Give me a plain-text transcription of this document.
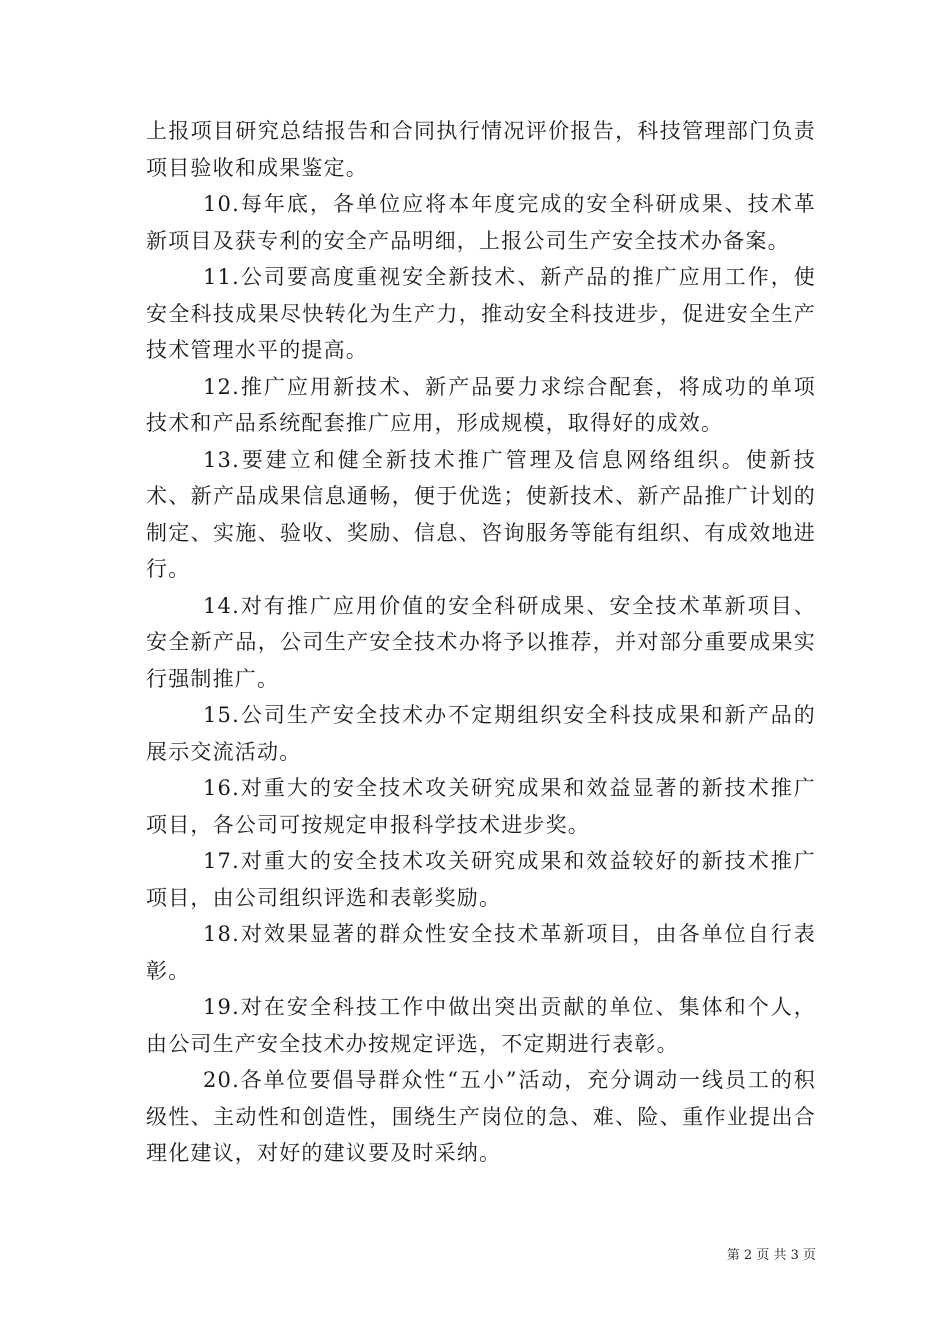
上报项目研究总结报告和合同执行情况评价报告，科技管理部门负责项目验收和成果鉴定。

10.每年底，各单位应将本年度完成的安全科研成果、技术革新项目及获专利的安全产品明细，上报公司生产安全技术办备案。

11.公司要高度重视安全新技术、新产品的推广应用工作，使安全科技成果尽快转化为生产力，推动安全科技进步，促进安全生产技术管理水平的提高。

12.推广应用新技术、新产品要力求综合配套，将成功的单项技术和产品系统配套推广应用，形成规模，取得好的成效。

13.要建立和健全新技术推广管理及信息网络组织。使新技术、新产品成果信息通畅，便于优选；使新技术、新产品推广计划的制定、实施、验收、奖励、信息、咨询服务等能有组织、有成效地进行。

14.对有推广应用价值的安全科研成果、安全技术革新项目、安全新产品，公司生产安全技术办将予以推荐，并对部分重要成果实行强制推广。

15.公司生产安全技术办不定期组织安全科技成果和新产品的展示交流活动。

16.对重大的安全技术攻关研究成果和效益显著的新技术推广项目，各公司可按规定申报科学技术进步奖。

17.对重大的安全技术攻关研究成果和效益较好的新技术推广项目，由公司组织评选和表彰奖励。

18.对效果显著的群众性安全技术革新项目，由各单位自行表彰。

19.对在安全科技工作中做出突出贡献的单位、集体和个人，由公司生产安全技术办按规定评选，不定期进行表彰。

20.各单位要倡导群众性“五小”活动，充分调动一线员工的积级性、主动性和创造性，围绕生产岗位的急、难、险、重作业提出合理化建议，对好的建议要及时采纳。

第 2 页 共 3 页
